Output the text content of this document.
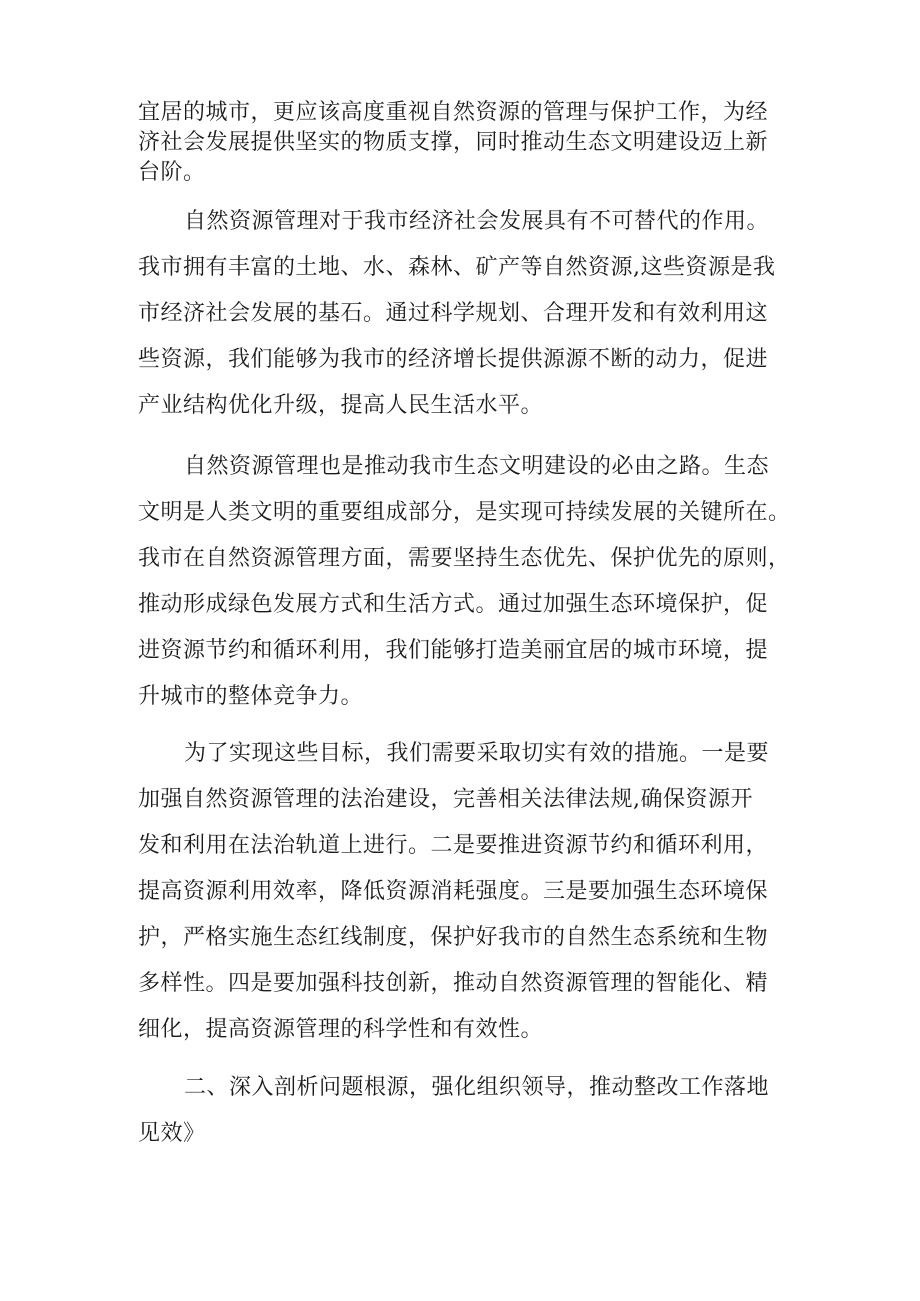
宜居的城市，更应该高度重视自然资源的管理与保护工作，为经
济社会发展提供坚实的物质支撑，同时推动生态文明建设迈上新
台阶。

自然资源管理对于我市经济社会发展具有不可替代的作用。
我市拥有丰富的土地、水、森林、矿产等自然资源,这些资源是我
市经济社会发展的基石。通过科学规划、合理开发和有效利用这
些资源，我们能够为我市的经济增长提供源源不断的动力，促进
产业结构优化升级，提高人民生活水平。

自然资源管理也是推动我市生态文明建设的必由之路。生态
文明是人类文明的重要组成部分，是实现可持续发展的关键所在。
我市在自然资源管理方面，需要坚持生态优先、保护优先的原则，
推动形成绿色发展方式和生活方式。通过加强生态环境保护，促
进资源节约和循环利用，我们能够打造美丽宜居的城市环境，提
升城市的整体竞争力。

为了实现这些目标，我们需要采取切实有效的措施。一是要
加强自然资源管理的法治建设，完善相关法律法规,确保资源开
发和利用在法治轨道上进行。二是要推进资源节约和循环利用，
提高资源利用效率，降低资源消耗强度。三是要加强生态环境保
护，严格实施生态红线制度，保护好我市的自然生态系统和生物
多样性。四是要加强科技创新，推动自然资源管理的智能化、精
细化，提高资源管理的科学性和有效性。

二、深入剖析问题根源，强化组织领导，推动整改工作落地
见效》
